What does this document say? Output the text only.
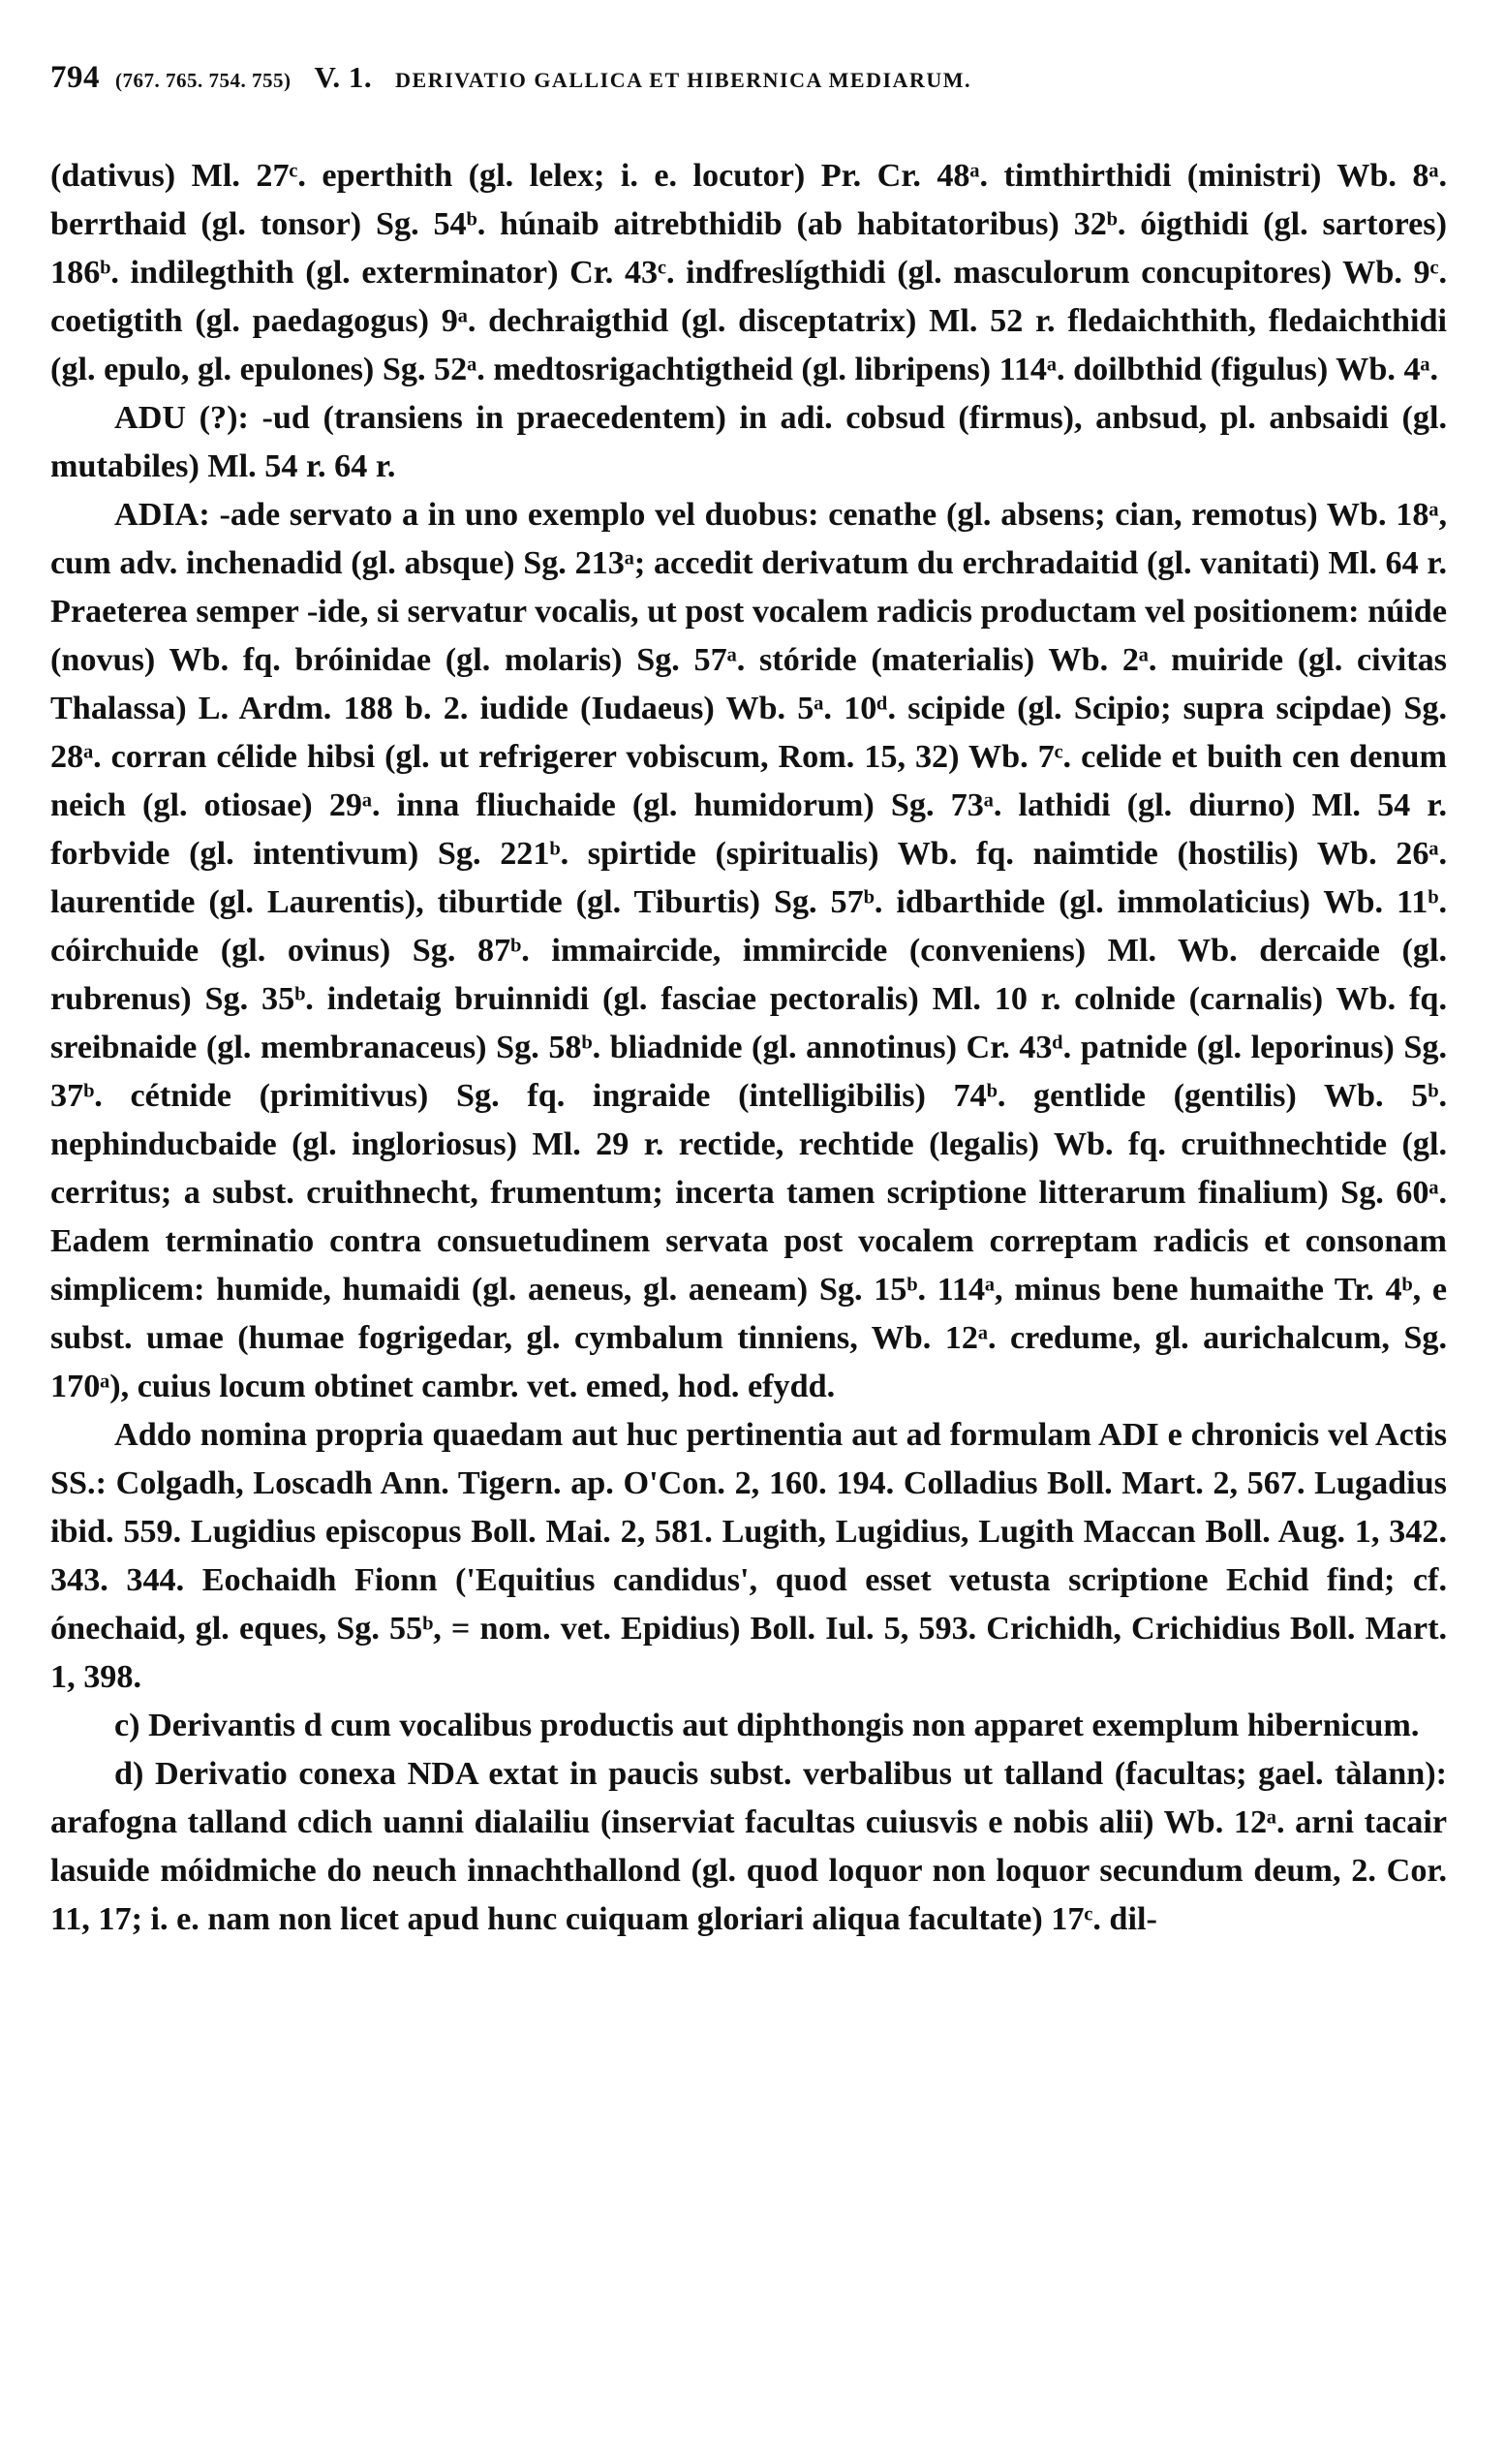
794 (767. 765. 754. 755) V. 1. DERIVATIO GALLICA ET HIBERNICA MEDIARUM.

(dativus) Ml. 27ᶜ. eperthith (gl. lelex; i. e. locutor) Pr. Cr. 48ᵃ. timthirthidi (ministri) Wb. 8ᵃ. berrthaid (gl. tonsor) Sg. 54ᵇ. húnaib aitrebthidib (ab habitatoribus) 32ᵇ. óigthidi (gl. sartores) 186ᵇ. indilegthith (gl. exterminator) Cr. 43ᶜ. indfreslígthidi (gl. masculorum concupitores) Wb. 9ᶜ. coetigtith (gl. paedagogus) 9ᵃ. dechraigthid (gl. disceptatrix) Ml. 52 r. fledaichthith, fledaichthidi (gl. epulo, gl. epulones) Sg. 52ᵃ. medtosrigachtigtheid (gl. libripens) 114ᵃ. doilbthid (figulus) Wb. 4ᵃ.

ADU (?): -ud (transiens in praecedentem) in adi. cobsud (firmus), anbsud, pl. anbsaidi (gl. mutabiles) Ml. 54 r. 64 r.

ADIA: -ade servato a in uno exemplo vel duobus: cenathe (gl. absens; cian, remotus) Wb. 18ᵃ, cum adv. inchenadid (gl. absque) Sg. 213ᵃ; accedit derivatum du erchradaitid (gl. vanitati) Ml. 64 r. Praeterea semper -ide, si servatur vocalis, ut post vocalem radicis productam vel positionem: núide (novus) Wb. fq. bróinidae (gl. molaris) Sg. 57ᵃ. stóride (materialis) Wb. 2ᵃ. muiride (gl. civitas Thalassa) L. Ardm. 188 b. 2. iudide (Iudaeus) Wb. 5ᵃ. 10ᵈ. scipide (gl. Scipio; supra scipdae) Sg. 28ᵃ. corran célide hibsi (gl. ut refrigerer vobiscum, Rom. 15, 32) Wb. 7ᶜ. celide et buith cen denum neich (gl. otiosae) 29ᵃ. inna fliuchaide (gl. humidorum) Sg. 73ᵃ. lathidi (gl. diurno) Ml. 54 r. forbvide (gl. intentivum) Sg. 221ᵇ. spirtide (spiritualis) Wb. fq. naimtide (hostilis) Wb. 26ᵃ. laurentide (gl. Laurentis), tiburtide (gl. Tiburtis) Sg. 57ᵇ. idbarthide (gl. immolaticius) Wb. 11ᵇ. cóirchuide (gl. ovinus) Sg. 87ᵇ. immaircide, immircide (conveniens) Ml. Wb. dercaide (gl. rubrenus) Sg. 35ᵇ. indetaig bruinnidi (gl. fasciae pectoralis) Ml. 10 r. colnide (carnalis) Wb. fq. sreibnaide (gl. membranaceus) Sg. 58ᵇ. bliadnide (gl. annotinus) Cr. 43ᵈ. patnide (gl. leporinus) Sg. 37ᵇ. cétnide (primitivus) Sg. fq. ingraide (intelligibilis) 74ᵇ. gentlide (gentilis) Wb. 5ᵇ. nephinducbaide (gl. ingloriosus) Ml. 29 r. rectide, rechtide (legalis) Wb. fq. cruithnechtide (gl. cerritus; a subst. cruithnecht, frumentum; incerta tamen scriptione litterarum finalium) Sg. 60ᵃ. Eadem terminatio contra consuetudinem servata post vocalem correptam radicis et consonam simplicem: humide, humaidi (gl. aeneus, gl. aeneam) Sg. 15ᵇ. 114ᵃ, minus bene humaithe Tr. 4ᵇ, e subst. umae (humae fogrigedar, gl. cymbalum tinniens, Wb. 12ᵃ. credume, gl. aurichalcum, Sg. 170ᵃ), cuius locum obtinet cambr. vet. emed, hod. efydd.

Addo nomina propria quaedam aut huc pertinentia aut ad formulam ADI e chronicis vel Actis SS.: Colgadh, Loscadh Ann. Tigern. ap. O'Con. 2, 160. 194. Colladius Boll. Mart. 2, 567. Lugadius ibid. 559. Lugidius episcopus Boll. Mai. 2, 581. Lugith, Lugidius, Lugith Maccan Boll. Aug. 1, 342. 343. 344. Eochaidh Fionn ('Equitius candidus', quod esset vetusta scriptione Echid find; cf. ónechaid, gl. eques, Sg. 55ᵇ, = nom. vet. Epidius) Boll. Iul. 5, 593. Crichidh, Crichidius Boll. Mart. 1, 398.

c) Derivantis d cum vocalibus productis aut diphthongis non apparet exemplum hibernicum.

d) Derivatio conexa NDA extat in paucis subst. verbalibus ut talland (facultas; gael. tàlann): arafogna talland cdich uanni dialailiu (inserviat facultas cuiusvis e nobis alii) Wb. 12ᵃ. arni tacair lasuide móidmiche do neuch innachthallond (gl. quod loquor non loquor secundum deum, 2. Cor. 11, 17; i. e. nam non licet apud hunc cuiquam gloriari aliqua facultate) 17ᶜ. dil-
